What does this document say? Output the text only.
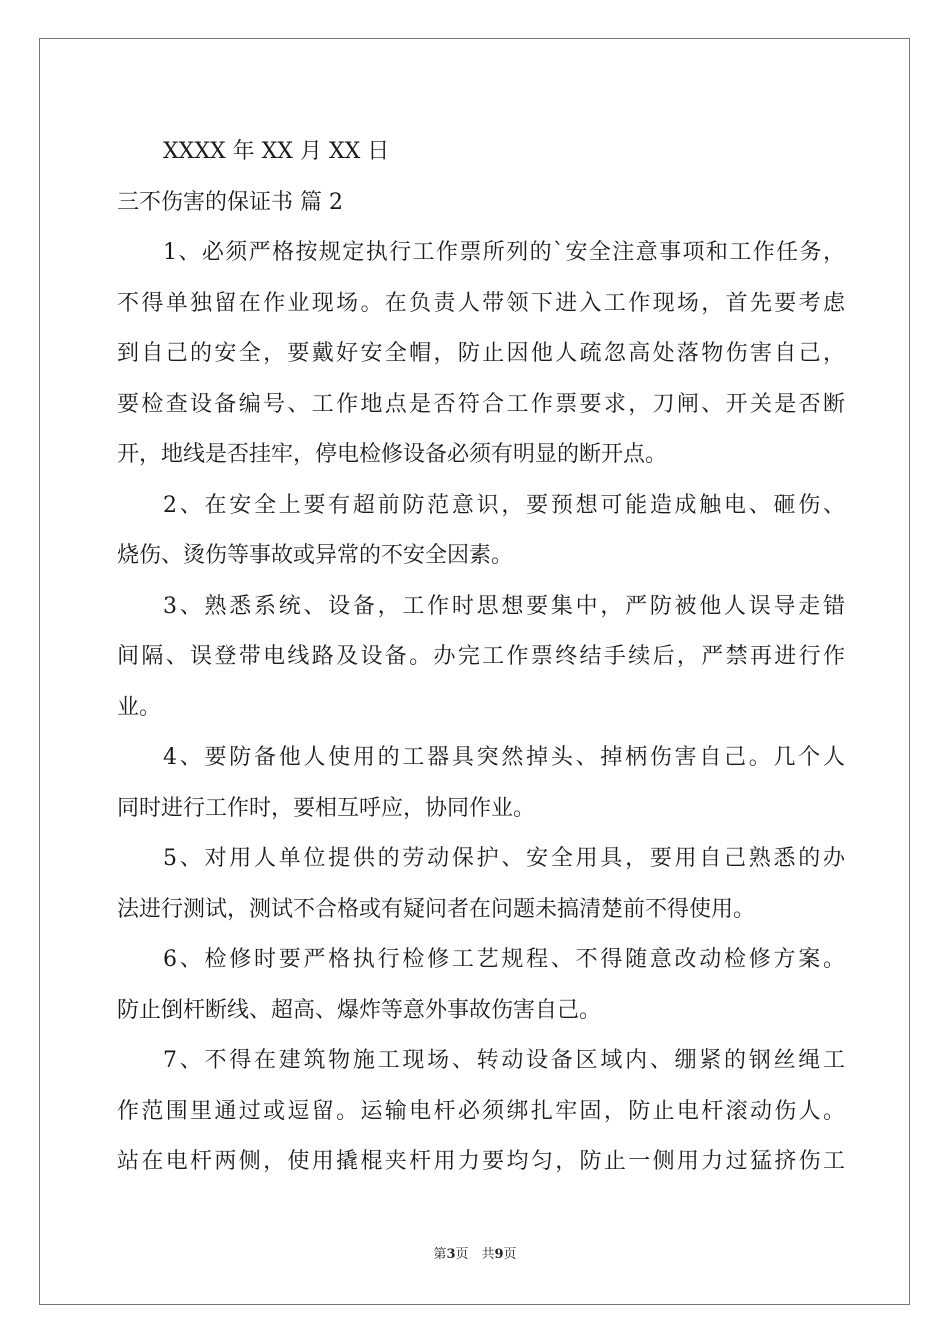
XXXX 年 XX 月 XX 日
三不伤害的保证书 篇 2
1、必须严格按规定执行工作票所列的`安全注意事项和工作任务，
不得单独留在作业现场。在负责人带领下进入工作现场，首先要考虑
到自己的安全，要戴好安全帽，防止因他人疏忽高处落物伤害自己，
要检查设备编号、工作地点是否符合工作票要求，刀闸、开关是否断
开，地线是否挂牢，停电检修设备必须有明显的断开点。
2、在安全上要有超前防范意识，要预想可能造成触电、砸伤、
烧伤、烫伤等事故或异常的不安全因素。
3、熟悉系统、设备，工作时思想要集中，严防被他人误导走错
间隔、误登带电线路及设备。办完工作票终结手续后，严禁再进行作
业。
4、要防备他人使用的工器具突然掉头、掉柄伤害自己。几个人
同时进行工作时，要相互呼应，协同作业。
5、对用人单位提供的劳动保护、安全用具，要用自己熟悉的办
法进行测试，测试不合格或有疑问者在问题未搞清楚前不得使用。
6、检修时要严格执行检修工艺规程、不得随意改动检修方案。
防止倒杆断线、超高、爆炸等意外事故伤害自己。
7、不得在建筑物施工现场、转动设备区域内、绷紧的钢丝绳工
作范围里通过或逗留。运输电杆必须绑扎牢固，防止电杆滚动伤人。
站在电杆两侧，使用撬棍夹杆用力要均匀，防止一侧用力过猛挤伤工
第3页　共9页
